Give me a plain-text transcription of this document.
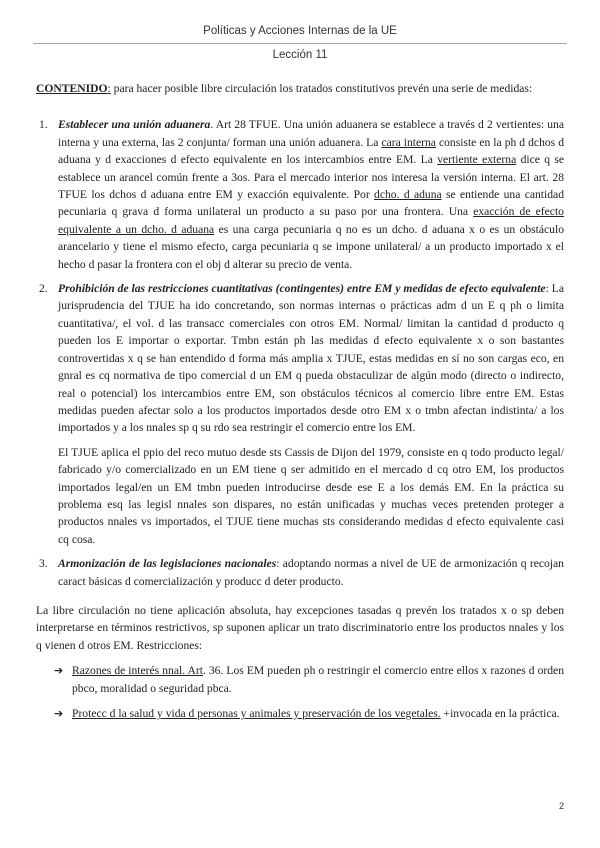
Políticas y Acciones Internas de la UE
Lección 11

CONTENIDO: para hacer posible libre circulación los tratados constitutivos prevén una serie de medidas:

1. Establecer una unión aduanera. Art 28 TFUE. Una unión aduanera se establece a través d 2 vertientes: una interna y una externa, las 2 conjunta/ forman una unión aduanera. La cara interna consiste en la ph d dchos d aduana y d exacciones d efecto equivalente en los intercambios entre EM. La vertiente externa dice q se establece un arancel común frente a 3os. Para el mercado interior nos interesa la versión interna. El art. 28 TFUE los dchos d aduana entre EM y exacción equivalente. Por dcho. d aduna se entiende una cantidad pecuniaria q grava d forma unilateral un producto a su paso por una frontera. Una exacción de efecto equivalente a un dcho. d aduana es una carga pecuniaria q no es un dcho. d aduana x o es un obstáculo arancelario y tiene el mismo efecto, carga pecuniaria q se impone unilateral/ a un producto importado x el hecho d pasar la frontera con el obj d alterar su precio de venta.

2. Prohibición de las restricciones cuantitativas (contingentes) entre EM y medidas de efecto equivalente: La jurisprudencia del TJUE ha ido concretando, son normas internas o prácticas adm d un E q ph o limita cuantitativa/, el vol. d las transacc comerciales con otros EM. Normal/ limitan la cantidad d producto q pueden los E importar o exportar. Tmbn están ph las medidas d efecto equivalente x o son bastantes controvertidas x q se han entendido d forma más amplia x TJUE, estas medidas en sí no son cargas eco, en gnral es cq normativa de tipo comercial d un EM q pueda obstaculizar de algún modo (directo o indirecto, real o potencial) los intercambios entre EM, son obstáculos técnicos al comercio libre entre EM. Estas medidas pueden afectar solo a los productos importados desde otro EM x o tmbn afectan indistinta/ a los importados y a los nnales sp q su rdo sea restringir el comercio entre los EM.

El TJUE aplica el ppio del reco mutuo desde sts Cassis de Dijon del 1979, consiste en q todo producto legal/ fabricado y/o comercializado en un EM tiene q ser admitido en el mercado d cq otro EM, los productos importados legal/en un EM tmbn pueden introducirse desde ese E a los demás EM. En la práctica su problema esq las legisl nnales son dispares, no están unificadas y muchas veces pretenden proteger a productos nnales vs importados, el TJUE tiene muchas sts considerando medidas d efecto equivalente casi cq cosa.

3. Armonización de las legislaciones nacionales: adoptando normas a nivel de UE de armonización q recojan caract básicas d comercialización y producc d deter producto.

La libre circulación no tiene aplicación absoluta, hay excepciones tasadas q prevén los tratados x o sp deben interpretarse en términos restrictivos, sp suponen aplicar un trato discriminatorio entre los productos nnales y los q vienen d otros EM. Restricciones:

➔ Razones de interés nnal. Art. 36. Los EM pueden ph o restringir el comercio entre ellos x razones d orden pbco, moralidad o seguridad pbca.

➔ Protecc d la salud y vida d personas y animales y preservación de los vegetales. +invocada en la práctica.

2
